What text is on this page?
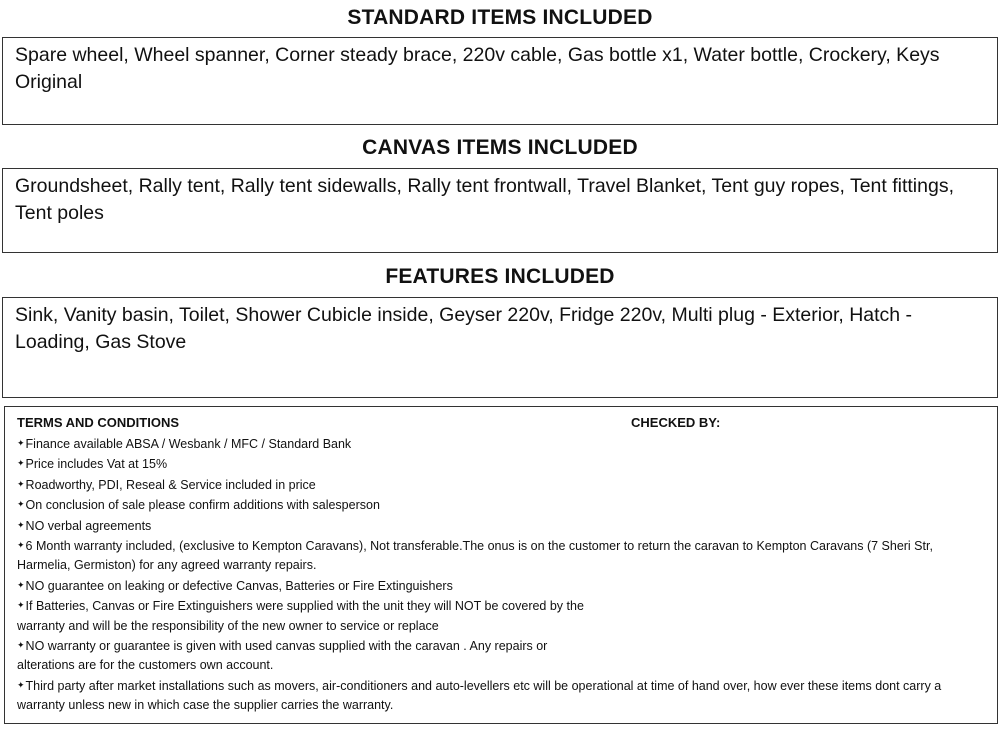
STANDARD ITEMS INCLUDED
Spare wheel, Wheel spanner, Corner steady brace, 220v cable, Gas bottle x1, Water bottle, Crockery, Keys Original
CANVAS ITEMS INCLUDED
Groundsheet, Rally tent, Rally tent sidewalls, Rally tent frontwall, Travel Blanket, Tent guy ropes, Tent fittings, Tent poles
FEATURES INCLUDED
Sink, Vanity basin, Toilet, Shower Cubicle inside, Geyser 220v, Fridge 220v, Multi plug - Exterior, Hatch - Loading, Gas Stove
TERMS AND CONDITIONS	CHECKED BY:
✦Finance available ABSA / Wesbank / MFC / Standard Bank
✦Price includes Vat at 15%
✦Roadworthy, PDI, Reseal & Service included in price
✦On conclusion of sale please confirm additions with salesperson
✦NO verbal agreements
✦6 Month warranty included, (exclusive to Kempton Caravans), Not transferable.The onus is on the customer to return the caravan to Kempton Caravans (7 Sheri Str, Harmelia, Germiston) for any agreed warranty repairs.
✦NO guarantee on leaking or defective Canvas, Batteries or Fire Extinguishers
✦If Batteries, Canvas or Fire Extinguishers were supplied with the unit they will NOT be covered by the
warranty and will be the responsibility of the new owner to service or replace
✦NO warranty or guarantee is given with used canvas supplied with the caravan . Any repairs or
alterations are for the customers own account.
✦Third party after market installations such as movers, air-conditioners and auto-levellers etc will be operational at time of hand over, how ever these items dont carry a warranty unless new in which case the supplier carries the warranty.
